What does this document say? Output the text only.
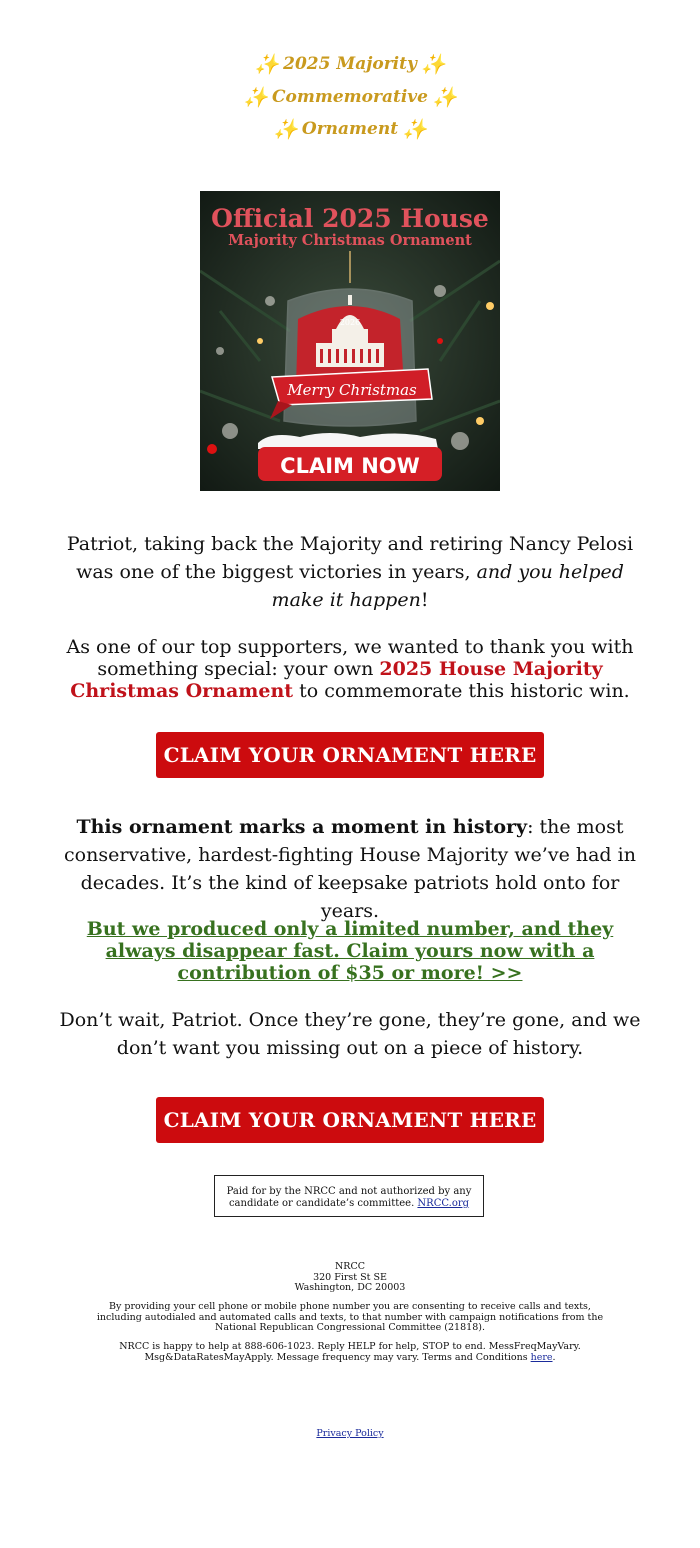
✨ 2025 Majority ✨
✨ Commemorative ✨
✨ Ornament ✨
Official 2025 House
Majority Christmas Ornament
2026
Merry Christmas
CLAIM NOW
Patriot, taking back the Majority and retiring Nancy Pelosi was one of the biggest victories in years, and you helped make it happen!
As one of our top supporters, we wanted to thank you with something special: your own 2025 House Majority Christmas Ornament to commemorate this historic win.
CLAIM YOUR ORNAMENT HERE
This ornament marks a moment in history: the most conservative, hardest-fighting House Majority we’ve had in decades. It’s the kind of keepsake patriots hold onto for years.
But we produced only a limited number, and they always disappear fast. Claim yours now with a contribution of $35 or more! >>
Don’t wait, Patriot. Once they’re gone, they’re gone, and we don’t want you missing out on a piece of history.
CLAIM YOUR ORNAMENT HERE
Paid for by the NRCC and not authorized by any candidate or candidate’s committee. NRCC.org
NRCC
320 First St SE
Washington, DC 20003
By providing your cell phone or mobile phone number you are consenting to receive calls and texts, including autodialed and automated calls and texts, to that number with campaign notifications from the National Republican Congressional Committee (21818).
NRCC is happy to help at 888-606-1023. Reply HELP for help, STOP to end. MessFreqMayVary. Msg&DataRatesMayApply. Message frequency may vary. Terms and Conditions here.
Privacy Policy
